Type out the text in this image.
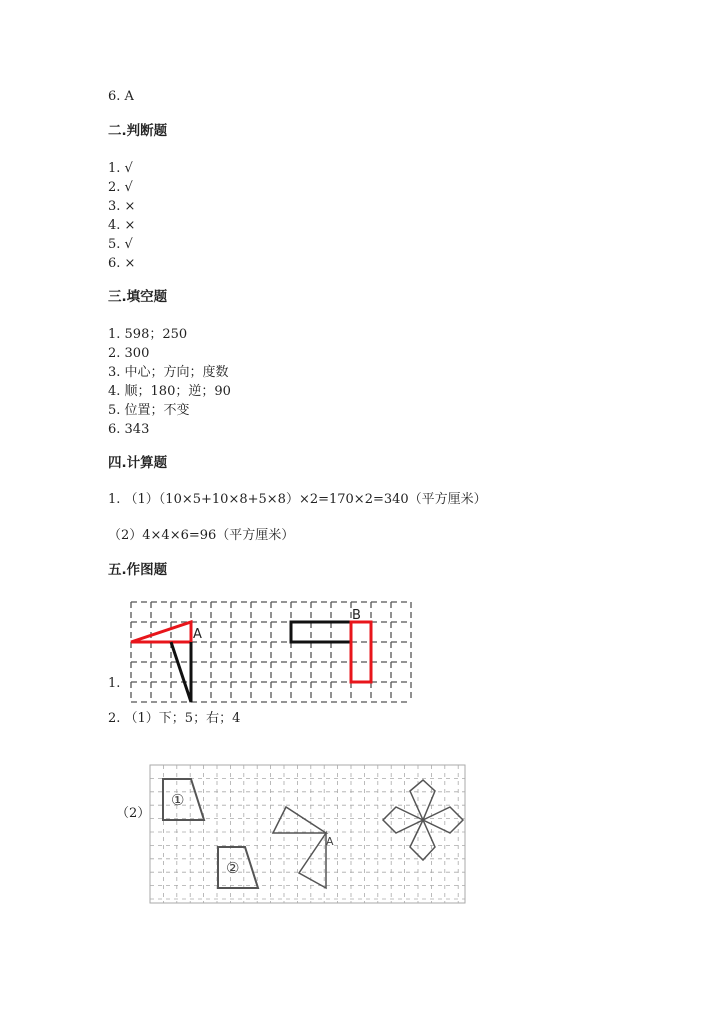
6. A
二.判断题
1. √
2. √
3. ×
4. ×
5. √
6. ×
三.填空题
1. 598；250
2. 300
3. 中心；方向；度数
4. 顺；180；逆；90
5. 位置；不变
6. 343
四.计算题
1. （1）（10×5+10×8+5×8）×2=170×2=340（平方厘米）
（2）4×4×6=96（平方厘米）
五.作图题
A
B
①
②
A
1.
2. （1）下；5；右；4
（2）
